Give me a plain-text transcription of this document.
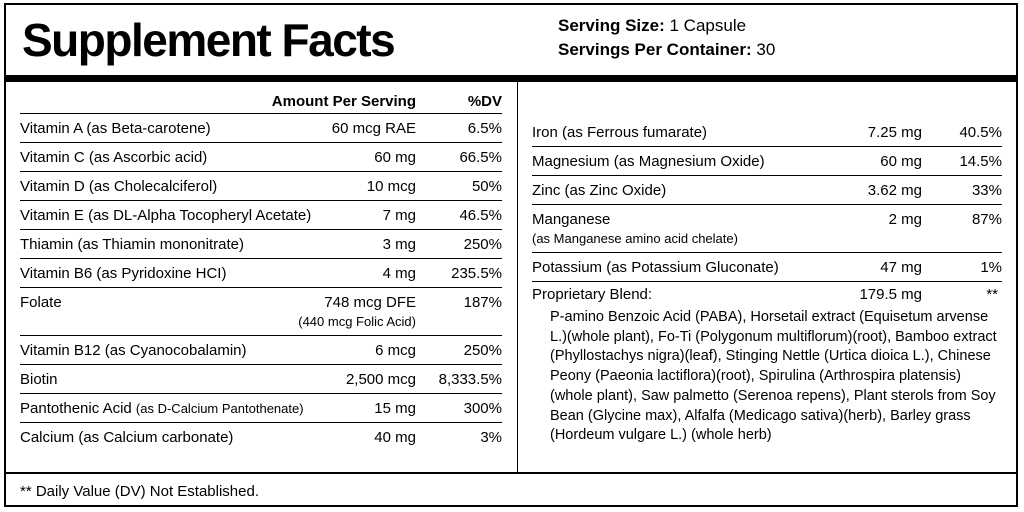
Supplement Facts	Serving Size: 1 Capsule
Servings Per Container: 30
Amount Per Serving	%DV
Vitamin A (as Beta-carotene)	60 mcg RAE	6.5%
Vitamin C (as Ascorbic acid)	60 mg	66.5%
Vitamin D (as Cholecalciferol)	10 mcg	50%
Vitamin E (as DL-Alpha Tocopheryl Acetate)	7 mg	46.5%
Thiamin (as Thiamin mononitrate)	3 mg	250%
Vitamin B6 (as Pyridoxine HCI)	4 mg 235.5%
Folate	748 mcg DFE	187%
(440 mcg Folic Acid)
Vitamin B12 (as Cyanocobalamin)	6 mcg	250%
Biotin	2,500 mcg 8,333.5%
Pantothenic Acid (as D-Calcium Pantothenate)	15 mg	300%
Calcium (as Calcium carbonate)	40 mg	3%
Iron (as Ferrous fumarate)	7.25 mg 40.5%
Magnesium (as Magnesium Oxide)	60 mg 14.5%
Zinc (as Zinc Oxide)	3.62 mg	33%
Manganese	2 mg	87%
(as Manganese amino acid chelate)
Potassium (as Potassium Gluconate)	47 mg	1%
Proprietary Blend:	179.5 mg	**
P-amino Benzoic Acid (PABA), Horsetail extract (Equisetum arvense L.)(whole plant), Fo-Ti (Polygonum multiflorum)(root), Bamboo extract (Phyllostachys nigra)(leaf), Stinging Nettle (Urtica dioica L.), Chinese Peony (Paeonia lactiflora)(root), Spirulina (Arthrospira platensis)(whole plant), Saw palmetto (Serenoa repens), Plant sterols from Soy Bean (Glycine max), Alfalfa (Medicago sativa)(herb), Barley grass (Hordeum vulgare L.) (whole herb)
** Daily Value (DV) Not Established.
